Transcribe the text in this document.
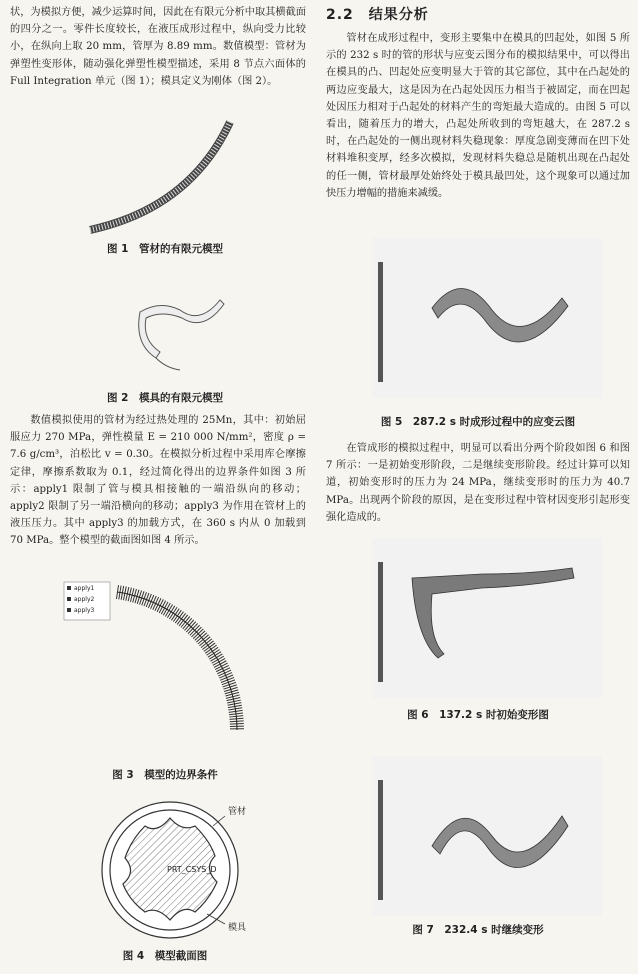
状，为模拟方便，减少运算时间，因此在有限元分析中取其横截面的四分之一。零件长度较长，在液压成形过程中，纵向受力比较小，在纵向上取 20 mm，管厚为 8.89 mm。数值模型：管材为弹塑性变形体，随动强化弹塑性模型描述，采用 8 节点六面体的 Full Integration 单元（图 1）；模具定义为刚体（图 2）。

图 1　管材的有限元模型
图 2　模具的有限元模型

数值模拟使用的管材为经过热处理的 25Mn，其中：初始屈服应力 270 MPa，弹性模量 E = 210 000 N/mm²，密度 ρ = 7.6 g/cm³，泊松比 v = 0.30。在模拟分析过程中采用库仑摩擦定律，摩擦系数取为 0.1，经过简化得出的边界条件如图 3 所示：apply1 限制了管与模具相接触的一端沿纵向的移动；apply2 限制了另一端沿横向的移动；apply3 为作用在管材上的液压压力。其中 apply3 的加载方式，在 360 s 内从 0 加载到 70 MPa。整个模型的截面图如图 4 所示。

apply1
apply2
apply3
图 3　模型的边界条件
管材
PRT_CSYS_D
模具
图 4　模型截面图
2.2　结果分析

管材在成形过程中，变形主要集中在模具的凹起处，如图 5 所示的 232 s 时的管的形状与应变云图分布的模拟结果中，可以得出在模具的凸、凹起处应变明显大于管的其它部位，其中在凸起处的两边应变最大，这是因为在凸起处因压力相当于被固定，而在凹起处因压力相对于凸起处的材料产生的弯矩最大造成的。由图 5 可以看出，随着压力的增大，凸起处所收到的弯矩越大，在 287.2 s 时，在凸起处的一侧出现材料失稳现象：厚度急剧变薄而在凹下处材料堆积变厚，经多次模拟，发现材料失稳总是随机出现在凸起处的任一侧，管材最厚处始终处于模具最凹处，这个现象可以通过加快压力增幅的措施来减缓。

图 5　287.2 s 时成形过程中的应变云图

在管成形的模拟过程中，明显可以看出分两个阶段如图 6 和图 7 所示：一是初始变形阶段，二是继续变形阶段。经过计算可以知道，初始变形时的压力为 24 MPa，继续变形时的压力为 40.7 MPa。出现两个阶段的原因，是在变形过程中管材因变形引起形变强化造成的。

图 6　137.2 s 时初始变形图
图 7　232.4 s 时继续变形
